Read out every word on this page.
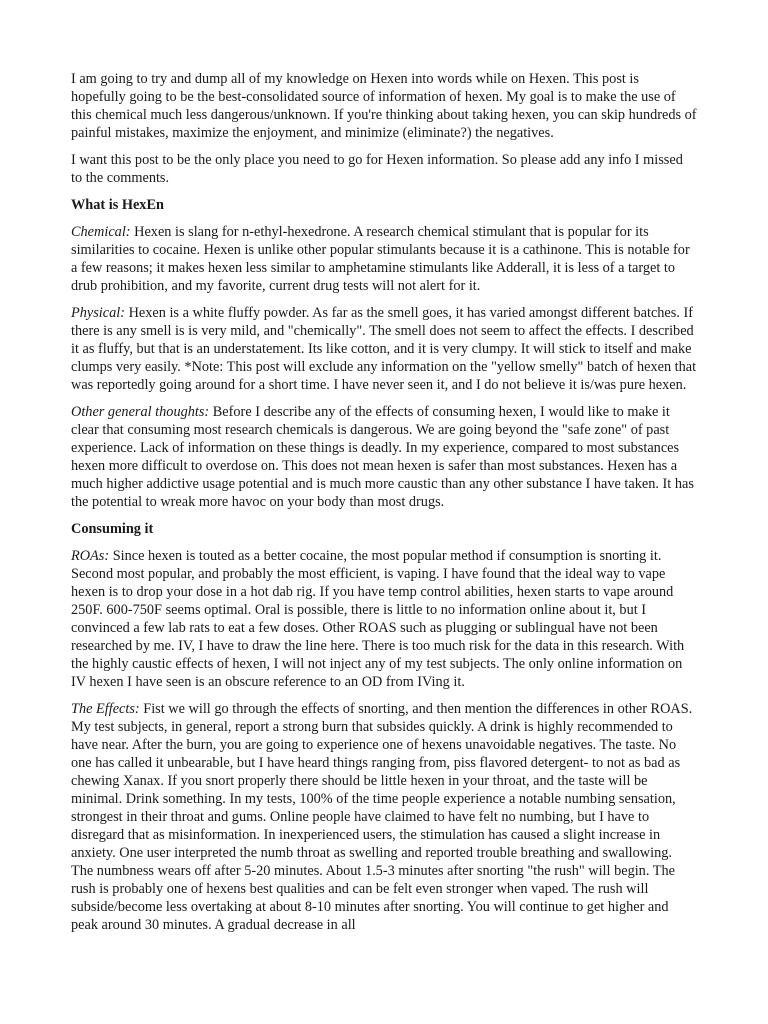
I am going to try and dump all of my knowledge on Hexen into words while on Hexen. This post is hopefully going to be the best-consolidated source of information of hexen. My goal is to make the use of this chemical much less dangerous/unknown. If you're thinking about taking hexen, you can skip hundreds of painful mistakes, maximize the enjoyment, and minimize (eliminate?) the negatives.

I want this post to be the only place you need to go for Hexen information. So please add any info I missed to the comments.

What is HexEn

Chemical: Hexen is slang for n-ethyl-hexedrone. A research chemical stimulant that is popular for its similarities to cocaine. Hexen is unlike other popular stimulants because it is a cathinone. This is notable for a few reasons; it makes hexen less similar to amphetamine stimulants like Adderall, it is less of a target to drub prohibition, and my favorite, current drug tests will not alert for it.

Physical: Hexen is a white fluffy powder. As far as the smell goes, it has varied amongst different batches. If there is any smell is is very mild, and "chemically". The smell does not seem to affect the effects. I described it as fluffy, but that is an understatement. Its like cotton, and it is very clumpy. It will stick to itself and make clumps very easily. *Note: This post will exclude any information on the "yellow smelly" batch of hexen that was reportedly going around for a short time. I have never seen it, and I do not believe it is/was pure hexen.

Other general thoughts: Before I describe any of the effects of consuming hexen, I would like to make it clear that consuming most research chemicals is dangerous. We are going beyond the "safe zone" of past experience. Lack of information on these things is deadly. In my experience, compared to most substances hexen more difficult to overdose on. This does not mean hexen is safer than most substances. Hexen has a much higher addictive usage potential and is much more caustic than any other substance I have taken. It has the potential to wreak more havoc on your body than most drugs.

Consuming it

ROAs: Since hexen is touted as a better cocaine, the most popular method if consumption is snorting it. Second most popular, and probably the most efficient, is vaping. I have found that the ideal way to vape hexen is to drop your dose in a hot dab rig. If you have temp control abilities, hexen starts to vape around 250F. 600-750F seems optimal. Oral is possible, there is little to no information online about it, but I convinced a few lab rats to eat a few doses. Other ROAS such as plugging or sublingual have not been researched by me. IV, I have to draw the line here. There is too much risk for the data in this research. With the highly caustic effects of hexen, I will not inject any of my test subjects. The only online information on IV hexen I have seen is an obscure reference to an OD from IVing it.

The Effects: Fist we will go through the effects of snorting, and then mention the differences in other ROAS. My test subjects, in general, report a strong burn that subsides quickly. A drink is highly recommended to have near. After the burn, you are going to experience one of hexens unavoidable negatives. The taste. No one has called it unbearable, but I have heard things ranging from, piss flavored detergent- to not as bad as chewing Xanax. If you snort properly there should be little hexen in your throat, and the taste will be minimal. Drink something. In my tests, 100% of the time people experience a notable numbing sensation, strongest in their throat and gums. Online people have claimed to have felt no numbing, but I have to disregard that as misinformation. In inexperienced users, the stimulation has caused a slight increase in anxiety. One user interpreted the numb throat as swelling and reported trouble breathing and swallowing. The numbness wears off after 5-20 minutes. About 1.5-3 minutes after snorting "the rush" will begin. The rush is probably one of hexens best qualities and can be felt even stronger when vaped. The rush will subside/become less overtaking at about 8-10 minutes after snorting. You will continue to get higher and peak around 30 minutes. A gradual decrease in all
